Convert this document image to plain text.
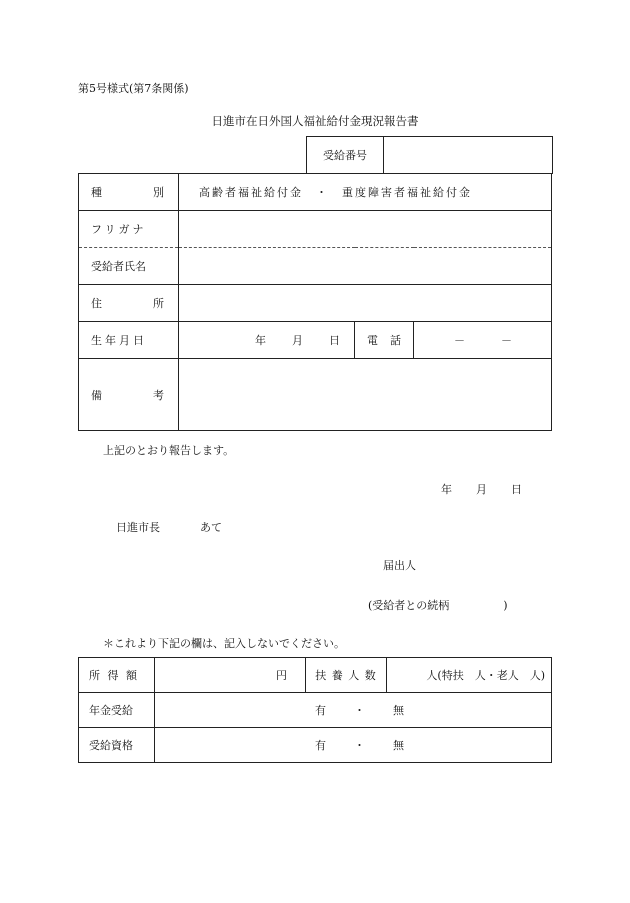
第5号様式(第7条関係)
日進市在日外国人福祉給付金現況報告書
受給番号	
種 別	高齢者福祉給付金　・　重度障害者福祉給付金		
フリガナ			
受給者氏名			

住 所			

生年月日	年 月 日	電 話	－ －

備 考			

上記のとおり報告します。
年 月 日
日進市長	あて
届出人
(受給者との続柄	)
＊これより下記の欄は、記入しないでください。
所 得 額	円	扶 養 人 数	人(特扶　人・老人　人)
年金受給	有 ・ 無		
受給資格	有 ・ 無		
